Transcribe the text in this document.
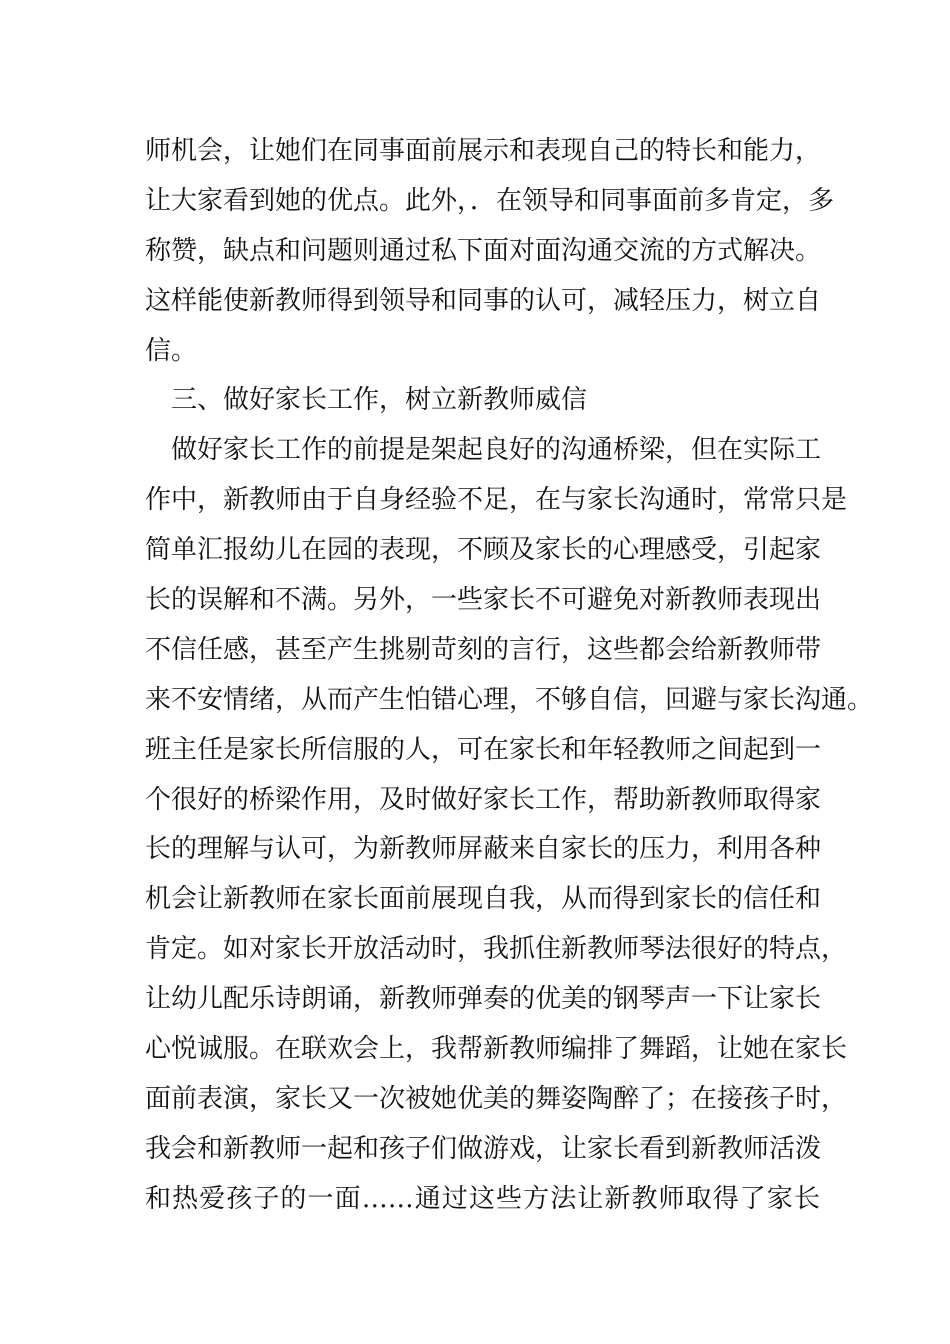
师机会，让她们在同事面前展示和表现自己的特长和能力，
让大家看到她的优点。此外，．在领导和同事面前多肯定，多
称赞，缺点和问题则通过私下面对面沟通交流的方式解决。
这样能使新教师得到领导和同事的认可，减轻压力，树立自
信。
三、做好家长工作，树立新教师威信
做好家长工作的前提是架起良好的沟通桥梁，但在实际工
作中，新教师由于自身经验不足，在与家长沟通时，常常只是
简单汇报幼儿在园的表现，不顾及家长的心理感受，引起家
长的误解和不满。另外，一些家长不可避免对新教师表现出
不信任感，甚至产生挑剔苛刻的言行，这些都会给新教师带
来不安情绪，从而产生怕错心理，不够自信，回避与家长沟通。
班主任是家长所信服的人，可在家长和年轻教师之间起到一
个很好的桥梁作用，及时做好家长工作，帮助新教师取得家
长的理解与认可，为新教师屏蔽来自家长的压力，利用各种
机会让新教师在家长面前展现自我，从而得到家长的信任和
肯定。如对家长开放活动时，我抓住新教师琴法很好的特点，
让幼儿配乐诗朗诵，新教师弹奏的优美的钢琴声一下让家长
心悦诚服。在联欢会上，我帮新教师编排了舞蹈，让她在家长
面前表演，家长又一次被她优美的舞姿陶醉了；在接孩子时，
我会和新教师一起和孩子们做游戏，让家长看到新教师活泼
和热爱孩子的一面……通过这些方法让新教师取得了家长
